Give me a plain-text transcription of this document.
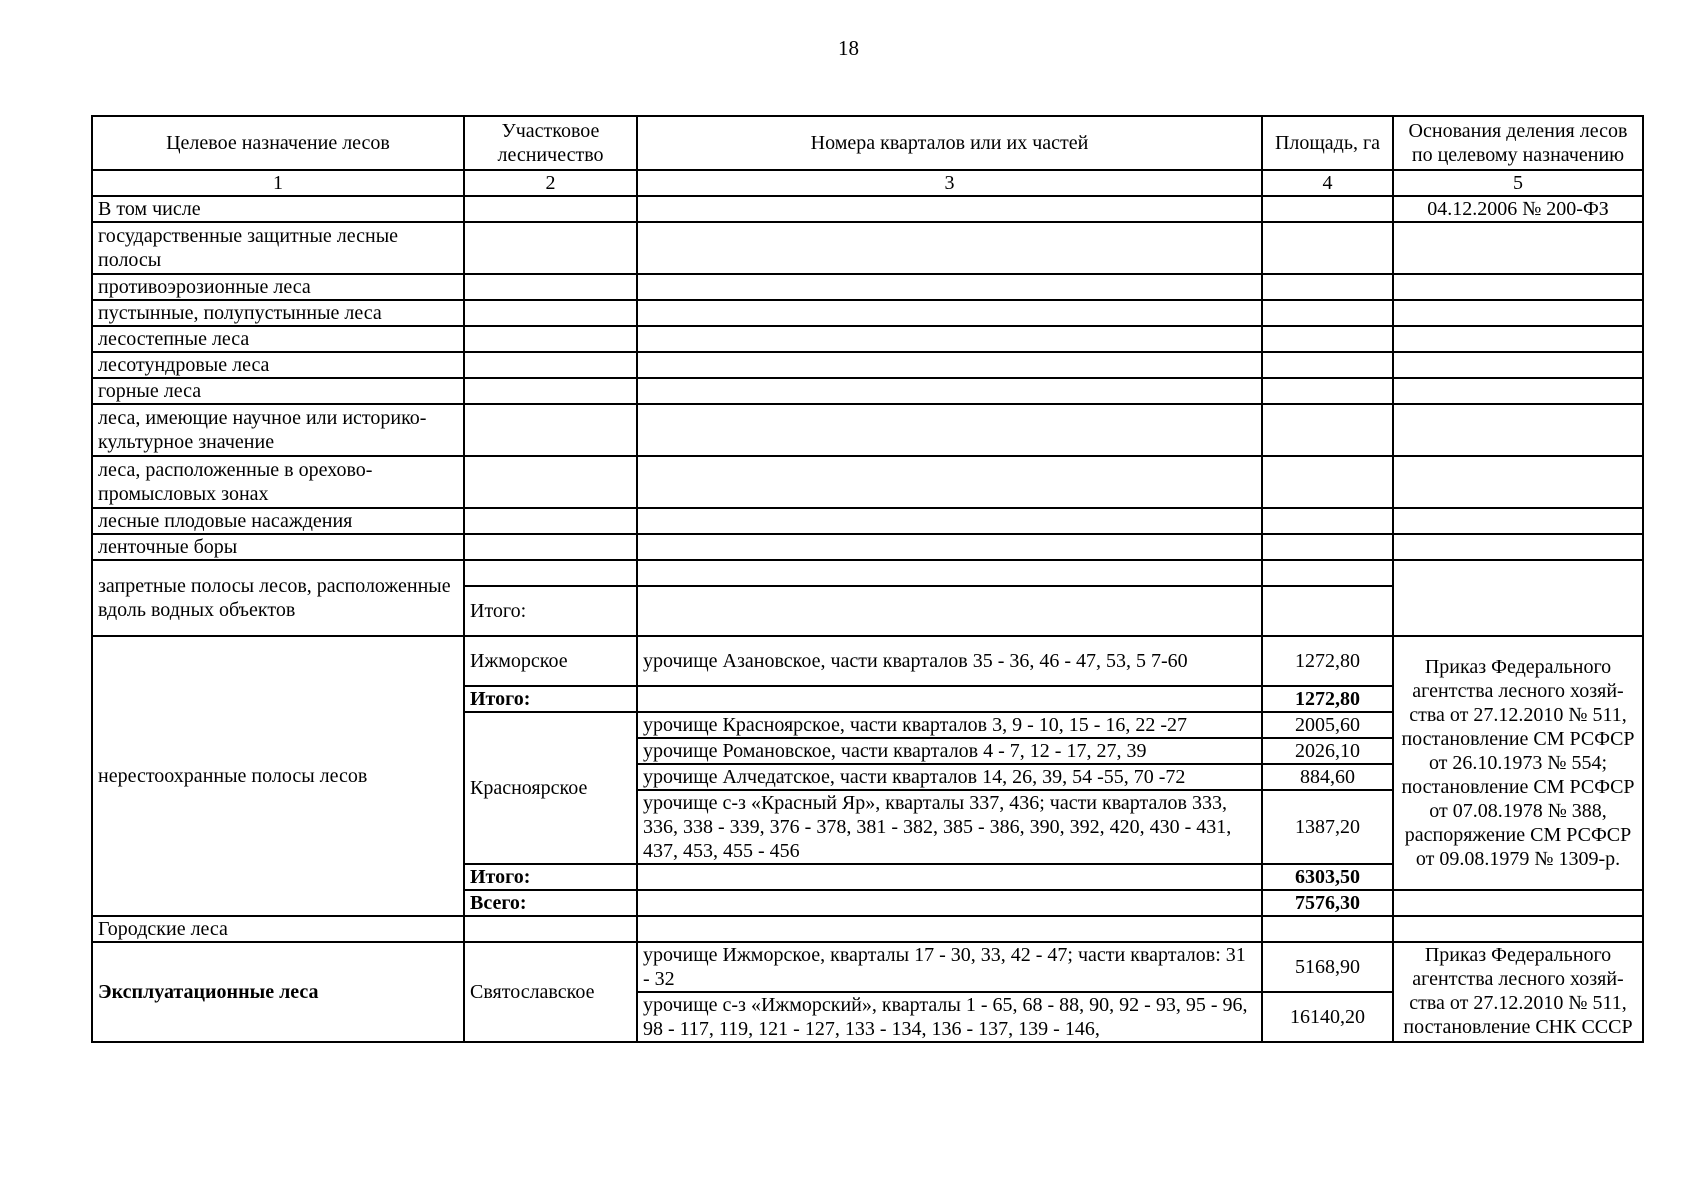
18
Целевое назначение лесов	Участковое лесничество	Номера кварталов или их частей	Площадь, га	Основания деления лесов по целевому назначению
1	2	3	4	5
В том числе				04.12.2006 № 200-ФЗ
государственные защитные лесные полосы				
противоэрозионные леса				
пустынные, полупустынные леса				
лесостепные леса				
лесотундровые леса				
горные леса				
леса, имеющие научное или историко-культурное значение				
леса, расположенные в орехово-промысловых зонах				
лесные плодовые насаждения				
ленточные боры				
запретные полосы лесов, расположенные вдоль водных объектов				
	Итого:			
нерестоохранные полосы лесов	Ижморское	урочище Азановское, части кварталов 35 - 36, 46 - 47, 53, 5 7-60	1272,80	Приказ Федерального агентства лесного хозяй-ства от 27.12.2010 № 511, постановление СМ РСФСР от 26.10.1973 № 554; постановление СМ РСФСР от 07.08.1978 № 388, распоряжение СМ РСФСР от 09.08.1979 № 1309-р.
	Итого:		1272,80	
	Красноярское	урочище Красноярское, части кварталов 3, 9 - 10, 15 - 16, 22 -27	2005,60	
		урочище Романовское, части кварталов 4 - 7, 12 - 17, 27, 39	2026,10	
		урочище Алчедатское, части кварталов 14, 26, 39, 54 -55, 70 -72	884,60	
		урочище с-з «Красный Яр», кварталы 337, 436; части кварталов 333, 336, 338 - 339, 376 - 378, 381 - 382, 385 - 386, 390, 392, 420, 430 - 431, 437, 453, 455 - 456	1387,20	
	Итого:		6303,50	
	Всего:		7576,30	
Городские леса				
Эксплуатационные леса	Святославское	урочище Ижморское, кварталы 17 - 30, 33, 42 - 47; части кварталов: 31 - 32	5168,90	Приказ Федерального агентства лесного хозяй-ства от 27.12.2010 № 511, постановление СНК СССР
		урочище с-з «Ижморский», кварталы 1 - 65, 68 - 88, 90, 92 - 93, 95 - 96, 98 - 117, 119, 121 - 127, 133 - 134, 136 - 137, 139 - 146,	16140,20	
